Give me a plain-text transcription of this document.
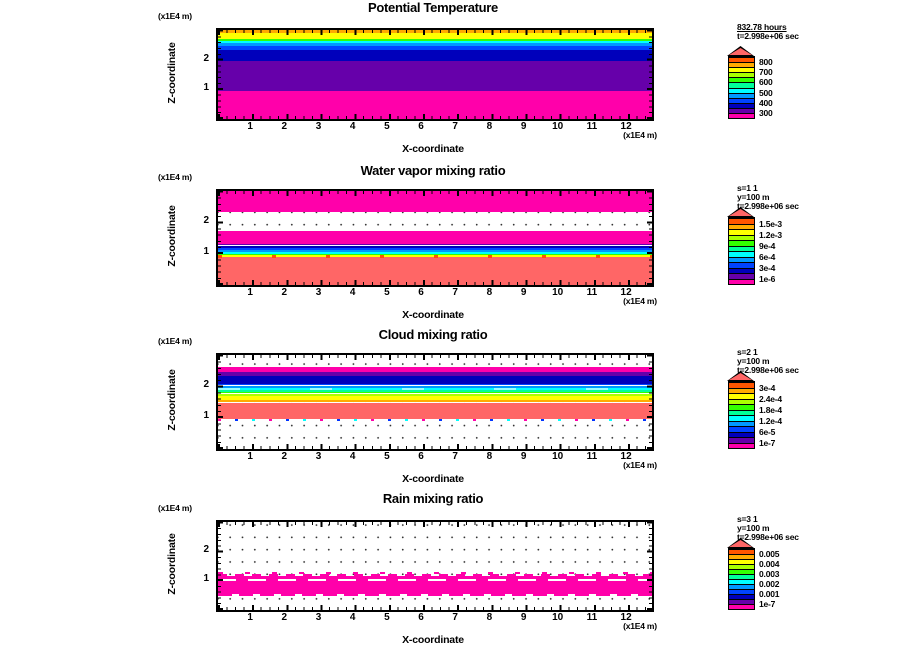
Potential Temperature
(x1E4 m)
Z-coordinate
1	2	3	4	5	6	7	8	9	10	11	12
1
2
(x1E4 m)
X-coordinate
832.78 hours
t=2.998e+06 sec
800
700
600
500
400
300
Water vapor mixing ratio
(x1E4 m)
Z-coordinate
1	2	3	4	5	6	7	8	9	10	11	12
1
2
(x1E4 m)
X-coordinate
s=1 1
y=100 m
t=2.998e+06 sec
1.5e-3
1.2e-3
9e-4
6e-4
3e-4
1e-6
Cloud mixing ratio
(x1E4 m)
Z-coordinate
1	2	3	4	5	6	7	8	9	10	11	12
1
2
(x1E4 m)
X-coordinate
s=2 1
y=100 m
t=2.998e+06 sec
3e-4
2.4e-4
1.8e-4
1.2e-4
6e-5
1e-7
Rain mixing ratio
(x1E4 m)
Z-coordinate
1	2	3	4	5	6	7	8	9	10	11	12
1
2
(x1E4 m)
X-coordinate
s=3 1
y=100 m
t=2.998e+06 sec
0.005
0.004
0.003
0.002
0.001
1e-7
